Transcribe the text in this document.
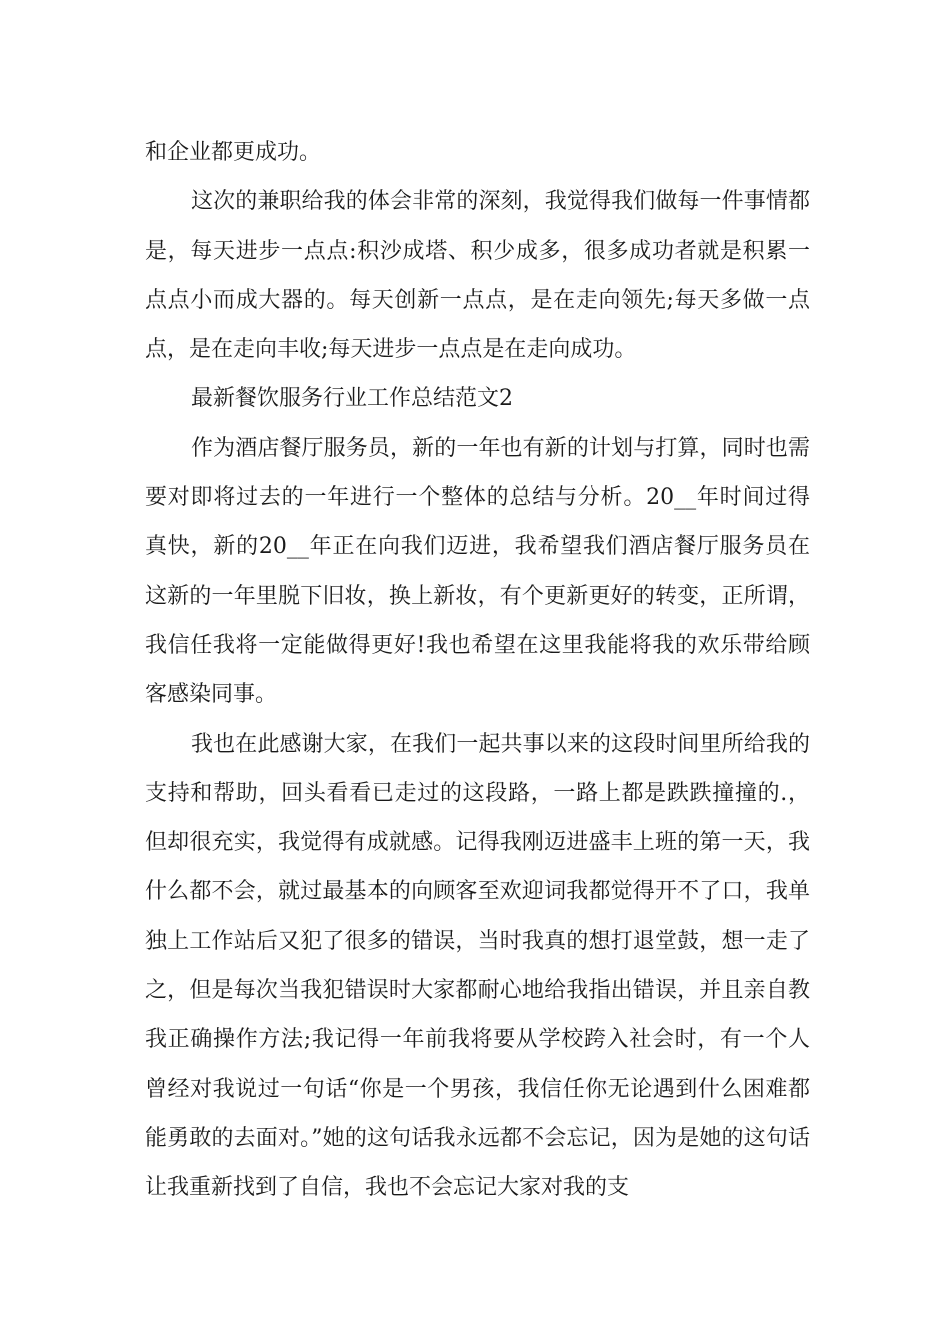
和企业都更成功。

这次的兼职给我的体会非常的深刻，我觉得我们做每一件事情都是，每天进步一点点:积沙成塔、积少成多，很多成功者就是积累一点点小而成大器的。每天创新一点点，是在走向领先;每天多做一点点，是在走向丰收;每天进步一点点是在走向成功。

最新餐饮服务行业工作总结范文2

作为酒店餐厅服务员，新的一年也有新的计划与打算，同时也需要对即将过去的一年进行一个整体的总结与分析。20__年时间过得真快，新的20__年正在向我们迈进，我希望我们酒店餐厅服务员在这新的一年里脱下旧妆，换上新妆，有个更新更好的转变，正所谓，我信任我将一定能做得更好!我也希望在这里我能将我的欢乐带给顾客感染同事。

我也在此感谢大家，在我们一起共事以来的这段时间里所给我的支持和帮助，回头看看已走过的这段路，一路上都是跌跌撞撞的.，但却很充实，我觉得有成就感。记得我刚迈进盛丰上班的第一天，我什么都不会，就过最基本的向顾客至欢迎词我都觉得开不了口，我单独上工作站后又犯了很多的错误，当时我真的想打退堂鼓，想一走了之，但是每次当我犯错误时大家都耐心地给我指出错误，并且亲自教我正确操作方法;我记得一年前我将要从学校跨入社会时，有一个人曾经对我说过一句话“你是一个男孩，我信任你无论遇到什么困难都能勇敢的去面对。”她的这句话我永远都不会忘记，因为是她的这句话让我重新找到了自信，我也不会忘记大家对我的支
